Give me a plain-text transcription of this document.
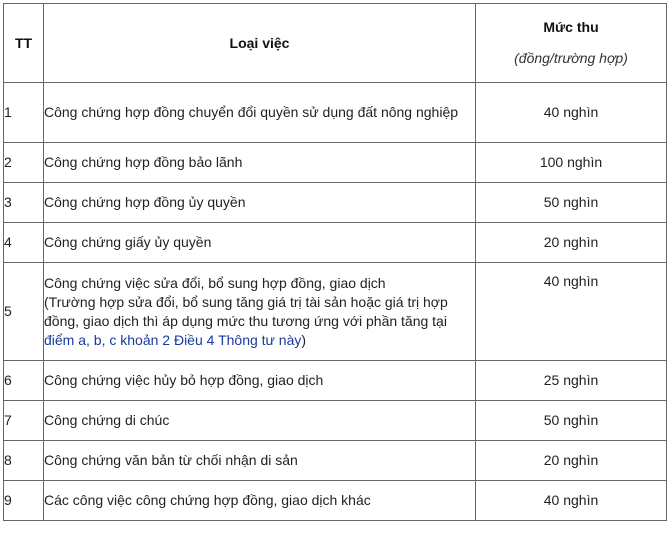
TT	Loại việc	Mức thu
(đồng/trường hợp)

1	Công chứng hợp đồng chuyển đổi quyền sử dụng đất nông nghiệp	40 nghìn
2	Công chứng hợp đồng bảo lãnh	100 nghìn
3	Công chứng hợp đồng ủy quyền	50 nghìn
4	Công chứng giấy ủy quyền	20 nghìn
5	Công chứng việc sửa đổi, bổ sung hợp đồng, giao dịch
(Trường hợp sửa đổi, bổ sung tăng giá trị tài sản hoặc giá trị hợp đồng, giao dịch thì áp dụng mức thu tương ứng với phần tăng tại điểm a, b, c khoản 2 Điều 4 Thông tư này)	40 nghìn
6	Công chứng việc hủy bỏ hợp đồng, giao dịch	25 nghìn
7	Công chứng di chúc	50 nghìn
8	Công chứng văn bản từ chối nhận di sản	20 nghìn
9	Các công việc công chứng hợp đồng, giao dịch khác	40 nghìn
